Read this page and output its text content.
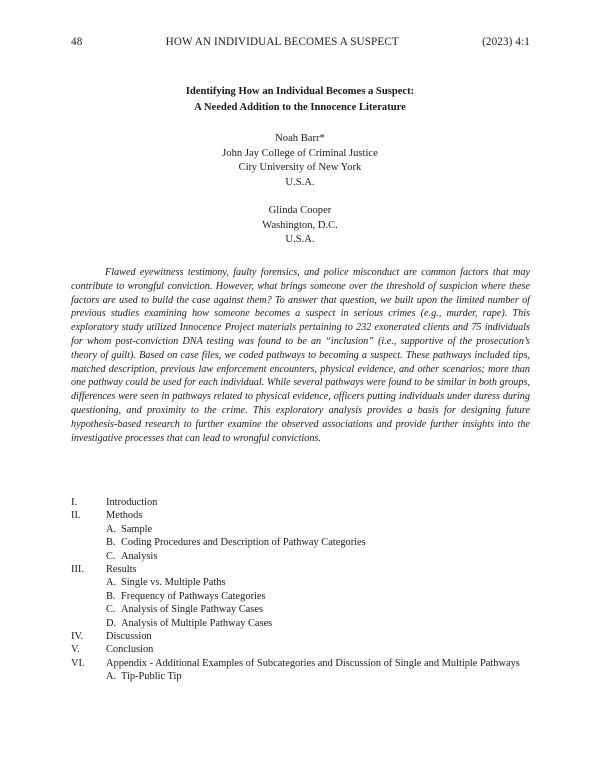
48	HOW AN INDIVIDUAL BECOMES A SUSPECT	(2023) 4:1
Identifying How an Individual Becomes a Suspect:
A Needed Addition to the Innocence Literature
Noah Barr*
John Jay College of Criminal Justice
City University of New York
U.S.A.
Glinda Cooper
Washington, D.C.
U.S.A.

Flawed eyewitness testimony, faulty forensics, and police misconduct are common factors that may contribute to wrongful conviction. However, what brings someone over the threshold of suspicion where these factors are used to build the case against them? To answer that question, we built upon the limited number of previous studies examining how someone becomes a suspect in serious crimes (e.g., murder, rape). This exploratory study utilized Innocence Project materials pertaining to 232 exonerated clients and 75 individuals for whom post-conviction DNA testing was found to be an “inclusion” (i.e., supportive of the prosecution’s theory of guilt). Based on case files, we coded pathways to becoming a suspect. These pathways included tips, matched description, previous law enforcement encounters, physical evidence, and other scenarios; more than one pathway could be used for each individual. While several pathways were found to be similar in both groups, differences were seen in pathways related to physical evidence, officers putting individuals under duress during questioning, and proximity to the crime. This exploratory analysis provides a basis for designing future hypothesis-based research to further examine the observed associations and provide further insights into the investigative processes that can lead to wrongful convictions.

I.	Introduction
II.	Methods
A. Sample
B. Coding Procedures and Description of Pathway Categories
C. Analysis
III.	Results
A. Single vs. Multiple Paths
B. Frequency of Pathways Categories
C. Analysis of Single Pathway Cases
D. Analysis of Multiple Pathway Cases
IV.	Discussion
V.	Conclusion
VI.	Appendix - Additional Examples of Subcategories and Discussion of Single and Multiple Pathways
A. Tip-Public Tip
